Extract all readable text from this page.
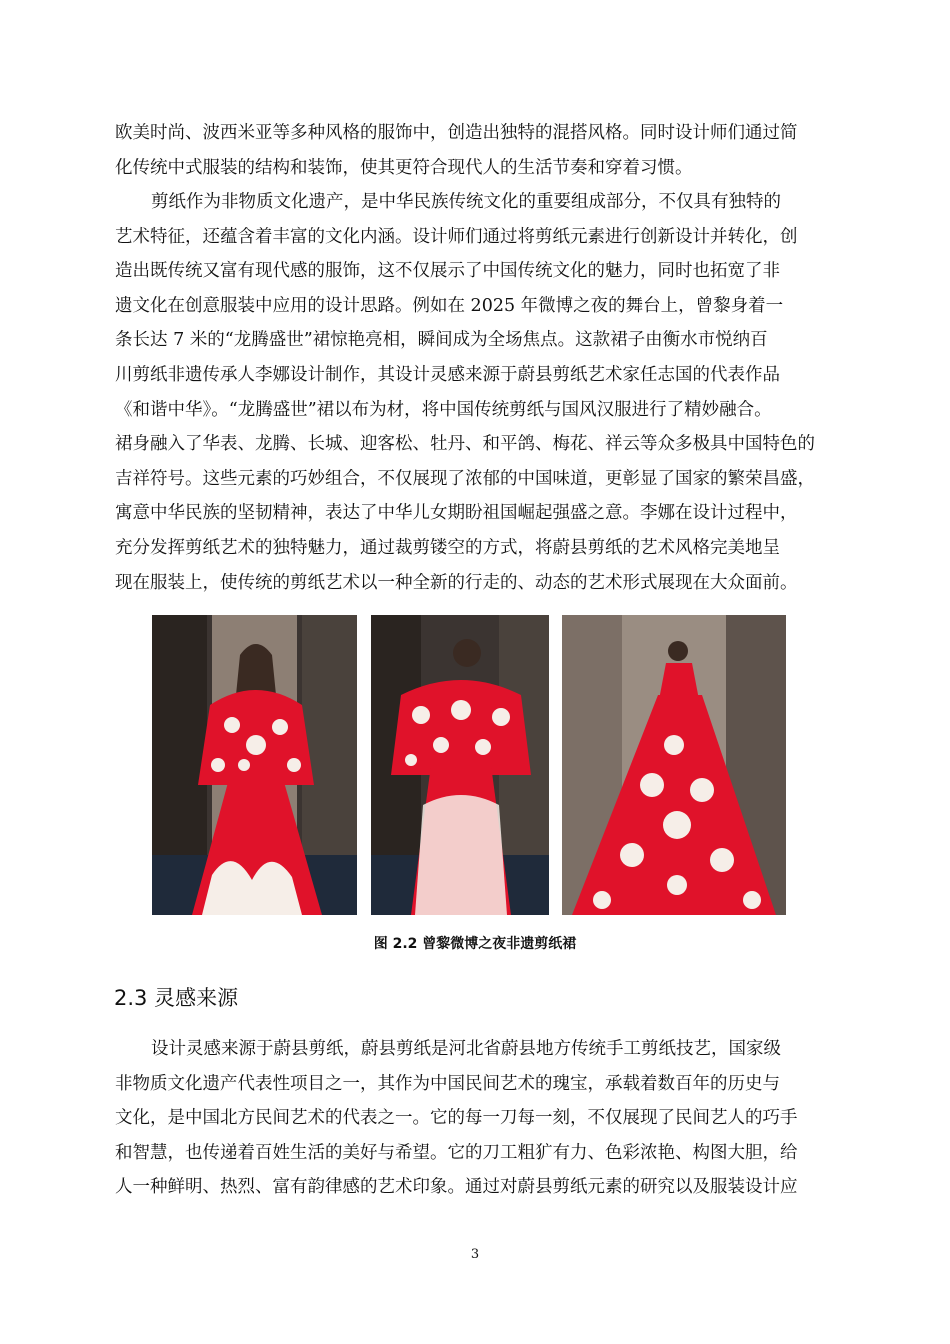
欧美时尚、波西米亚等多种风格的服饰中，创造出独特的混搭风格。同时设计师们通过简
化传统中式服装的结构和装饰，使其更符合现代人的生活节奏和穿着习惯。
剪纸作为非物质文化遗产，是中华民族传统文化的重要组成部分，不仅具有独特的
艺术特征，还蕴含着丰富的文化内涵。设计师们通过将剪纸元素进行创新设计并转化，创
造出既传统又富有现代感的服饰，这不仅展示了中国传统文化的魅力，同时也拓宽了非
遗文化在创意服装中应用的设计思路。例如在 2025 年微博之夜的舞台上，曾黎身着一
条长达 7 米的“龙腾盛世”裙惊艳亮相，瞬间成为全场焦点。这款裙子由衡水市悦纳百
川剪纸非遗传承人李娜设计制作，其设计灵感来源于蔚县剪纸艺术家任志国的代表作品
《和谐中华》。“龙腾盛世”裙以布为材，将中国传统剪纸与国风汉服进行了精妙融合。
裙身融入了华表、龙腾、长城、迎客松、牡丹、和平鸽、梅花、祥云等众多极具中国特色的
吉祥符号。这些元素的巧妙组合，不仅展现了浓郁的中国味道，更彰显了国家的繁荣昌盛，
寓意中华民族的坚韧精神，表达了中华儿女期盼祖国崛起强盛之意。李娜在设计过程中，
充分发挥剪纸艺术的独特魅力，通过裁剪镂空的方式，将蔚县剪纸的艺术风格完美地呈
现在服装上，使传统的剪纸艺术以一种全新的行走的、动态的艺术形式展现在大众面前。
图 2.2 曾黎微博之夜非遗剪纸裙
2.3 灵感来源
设计灵感来源于蔚县剪纸，蔚县剪纸是河北省蔚县地方传统手工剪纸技艺，国家级
非物质文化遗产代表性项目之一，其作为中国民间艺术的瑰宝，承载着数百年的历史与
文化，是中国北方民间艺术的代表之一。它的每一刀每一刻，不仅展现了民间艺人的巧手
和智慧，也传递着百姓生活的美好与希望。它的刀工粗犷有力、色彩浓艳、构图大胆，给
人一种鲜明、热烈、富有韵律感的艺术印象。通过对蔚县剪纸元素的研究以及服装设计应
3
